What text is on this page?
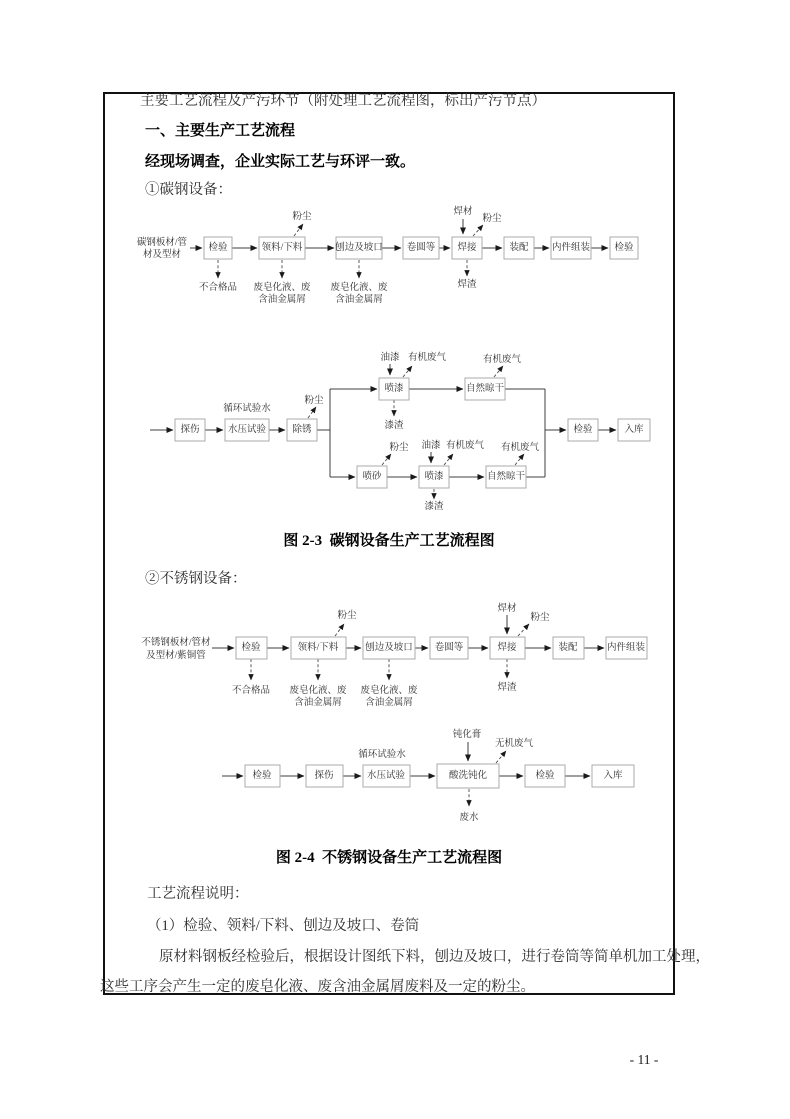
主要工艺流程及产污环节（附处理工艺流程图，标出产污节点）
一、主要生产工艺流程
经现场调查，企业实际工艺与环评一致。
①碳钢设备：
图 2-3  碳钢设备生产工艺流程图
②不锈钢设备：
图 2-4  不锈钢设备生产工艺流程图
工艺流程说明：
（1）检验、领料/下料、刨边及坡口、卷筒
原材料钢板经检验后，根据设计图纸下料，刨边及坡口，进行卷筒等简单机加工处理，
这些工序会产生一定的废皂化液、废含油金属屑废料及一定的粉尘。
- 11 -
碳钢板材/管
材及型材
检验	领料/下料	刨边及坡口	卷圆等 焊接	装配 内件组装	检验
不合格品
粉尘
废皂化液、废
含油金属屑
废皂化液、废
含油金属屑
焊材
粉尘
焊渣
探伤	水压试验	除锈
喷漆	自然晾干
喷砂	喷漆	自然晾干
检验	入库
循环试验水
粉尘
油漆 有机废气
漆渣
有机废气
粉尘 油漆 有机废气
漆渣
有机废气
不锈钢板材/管材
及型材/紫铜管
检验	领料/下料	刨边及坡口 卷圆等	焊接	装配	内件组装
不合格品
粉尘
废皂化液、废
含油金属屑
废皂化液、废
含油金属屑
焊材
粉尘
焊渣
检验	探伤	水压试验	酸洗钝化	检验	入库
循环试验水
钝化膏
无机废气
废水
